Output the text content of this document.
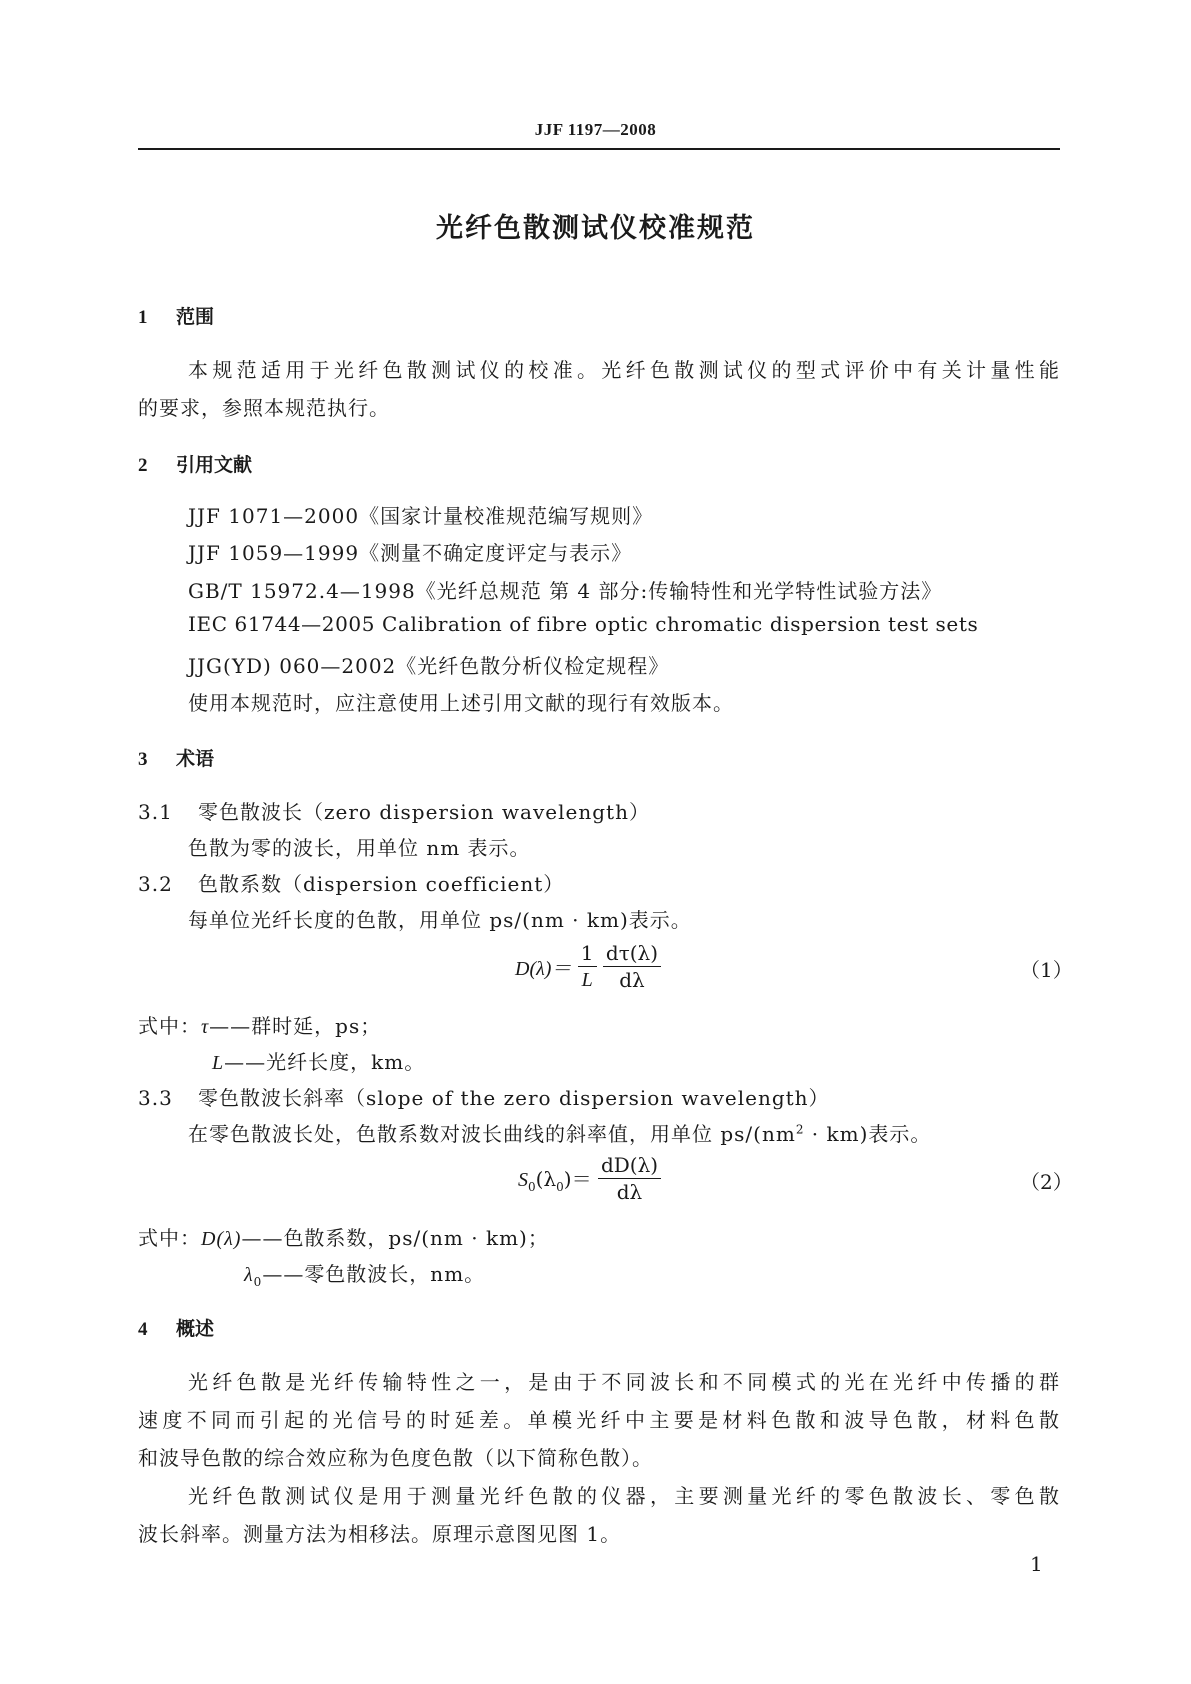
JJF 1197—2008
光纤色散测试仪校准规范
1 范围
本规范适用于光纤色散测试仪的校准。光纤色散测试仪的型式评价中有关计量性能
的要求，参照本规范执行。
2 引用文献
JJF 1071—2000《国家计量校准规范编写规则》
JJF 1059—1999《测量不确定度评定与表示》
GB/T 15972.4—1998《光纤总规范 第 4 部分:传输特性和光学特性试验方法》
IEC 61744—2005 Calibration of fibre optic chromatic dispersion test sets
JJG(YD) 060—2002《光纤色散分析仪检定规程》
使用本规范时，应注意使用上述引用文献的现行有效版本。
3 术语
3.1 零色散波长（zero dispersion wavelength）
色散为零的波长，用单位 nm 表示。
3.2 色散系数（dispersion coefficient）
每单位光纤长度的色散，用单位 ps/(nm · km)表示。
$D(\lambda)= \frac{1}{L}$
$\frac{d\tau(\lambda)}{d\lambda}$	（1）
式中：τ——群时延，ps；
L——光纤长度，km。
3.3 零色散波长斜率（slope of the zero dispersion wavelength）
在零色散波长处，色散系数对波长曲线的斜率值，用单位 $ps/(nm^2 \cdot km)$表示。
$S_0(\lambda_0)= \frac{dD(\lambda)}{d\lambda}$	（2）
式中：D(λ)——色散系数，ps/(nm · km)；
$\lambda_0——$零色散波长，nm。
4 概述
光纤色散是光纤传输特性之一，是由于不同波长和不同模式的光在光纤中传播的群
速度不同而引起的光信号的时延差。单模光纤中主要是材料色散和波导色散，材料色散
和波导色散的综合效应称为色度色散（以下简称色散）。
光纤色散测试仪是用于测量光纤色散的仪器，主要测量光纤的零色散波长、零色散
波长斜率。测量方法为相移法。原理示意图见图 1。
1
